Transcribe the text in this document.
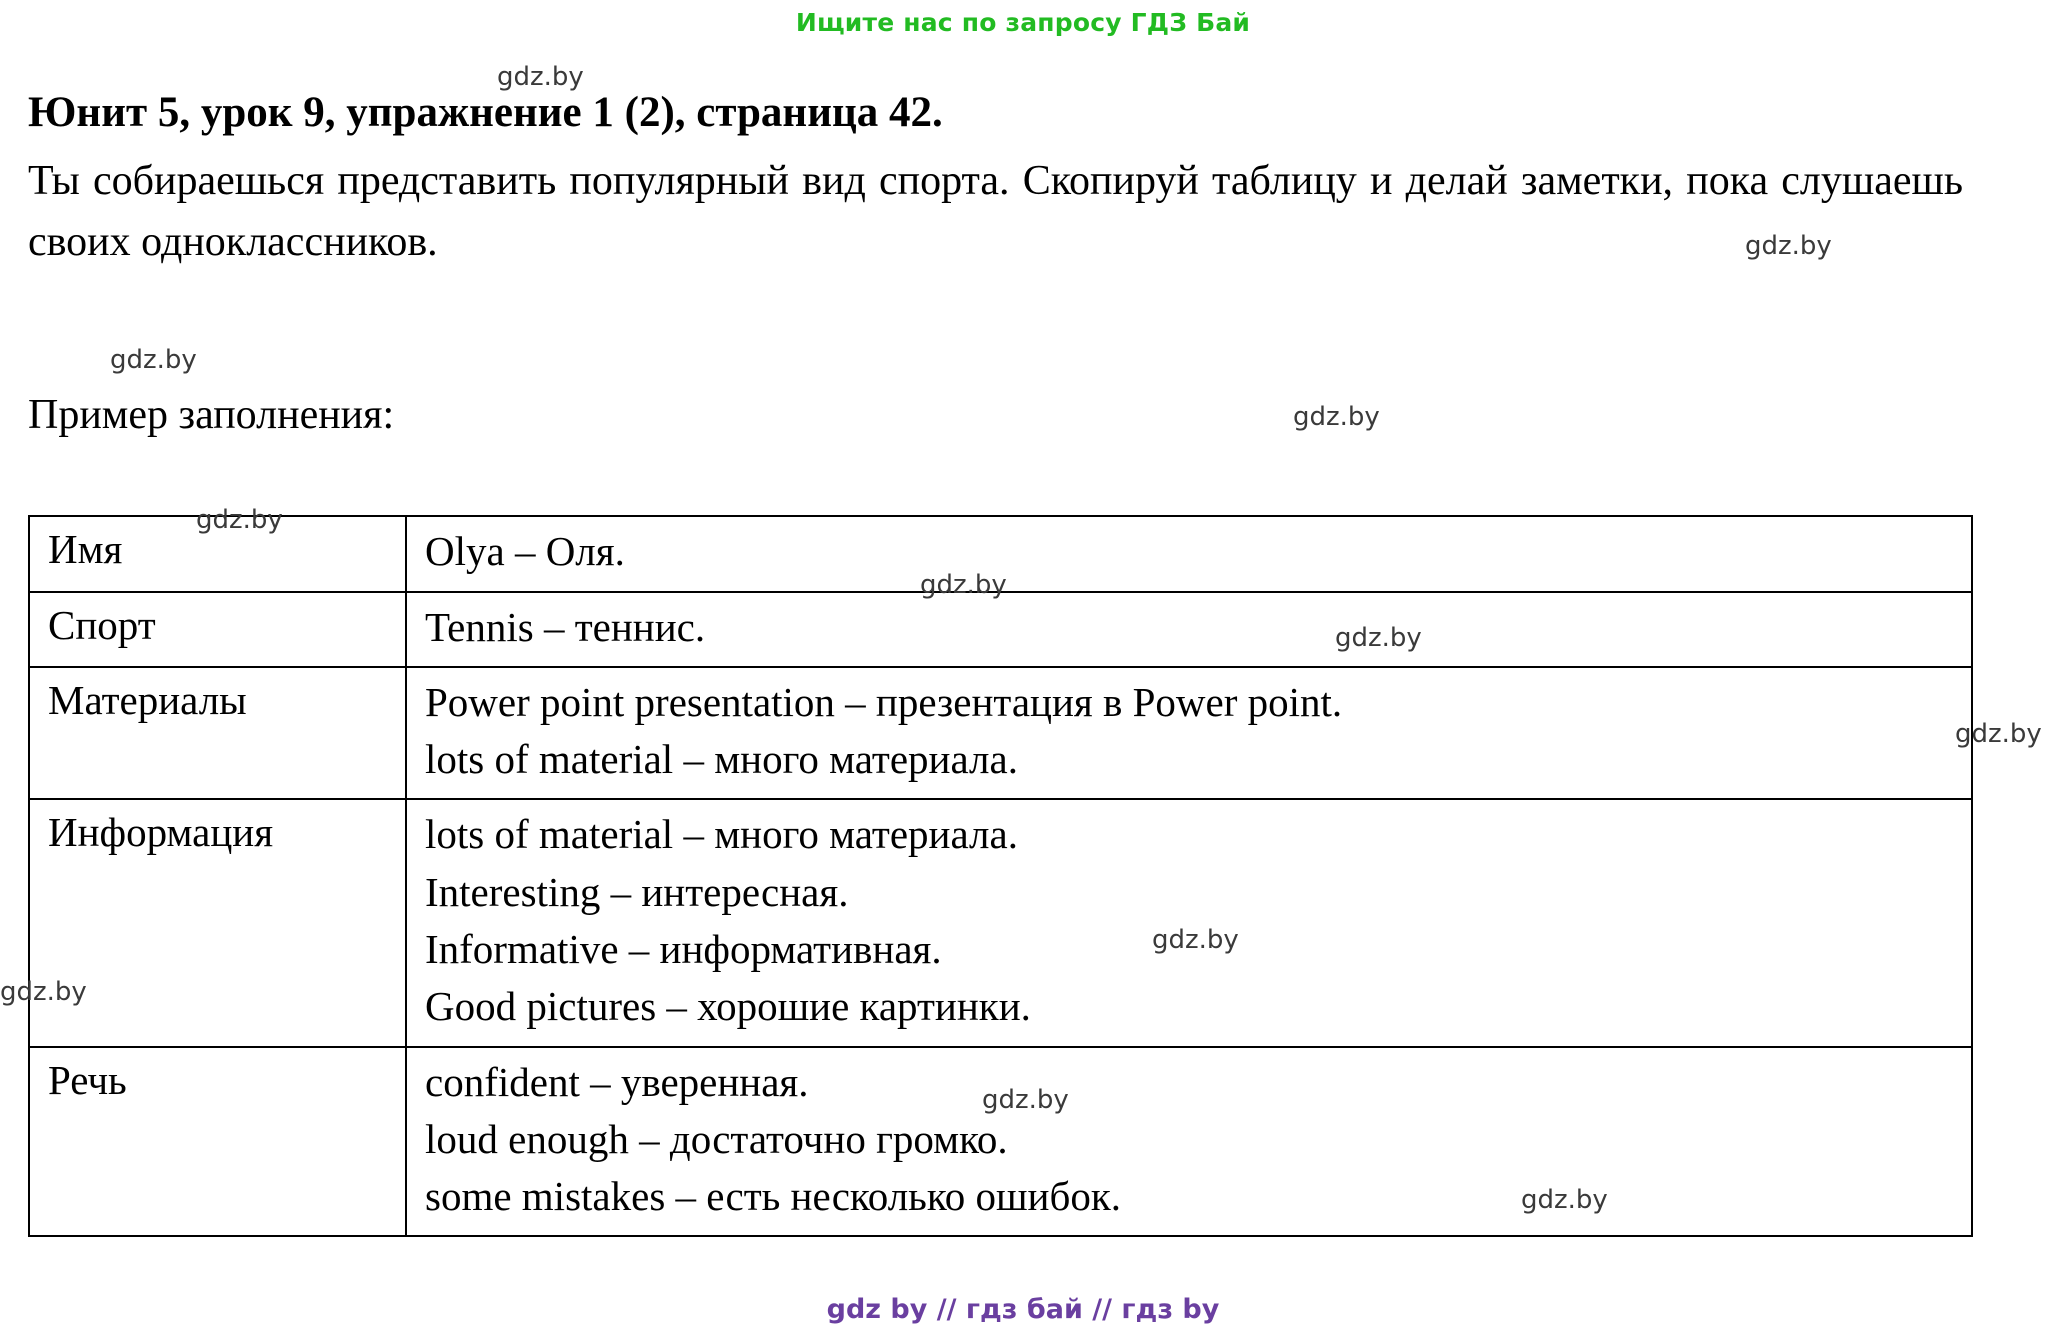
Ищите нас по запросу ГДЗ Бай
Юнит 5, урок 9, упражнение 1 (2), страница 42.

Ты собираешься представить популярный вид спорта. Скопируй таблицу и делай заметки, пока слушаешь своих одноклассников.

Пример заполнения:

Имя	Olya – Оля.

Спорт	Tennis – теннис.

Материалы	Power point presentation – презентация в Power point.
lots of material – много материала.

Информация	lots of material – много материала.
Interesting – интересная.
Informative – информативная.
Good pictures – хорошие картинки.

Речь	confident – уверенная.
loud enough – достаточно громко.
some mistakes – есть несколько ошибок.
gdz by // гдз бай // гдз by
gdz.by
gdz.by
gdz.by
gdz.by
gdz.by
gdz.by
gdz.by
gdz.by
gdz.by
gdz.by
gdz.by
gdz.by
